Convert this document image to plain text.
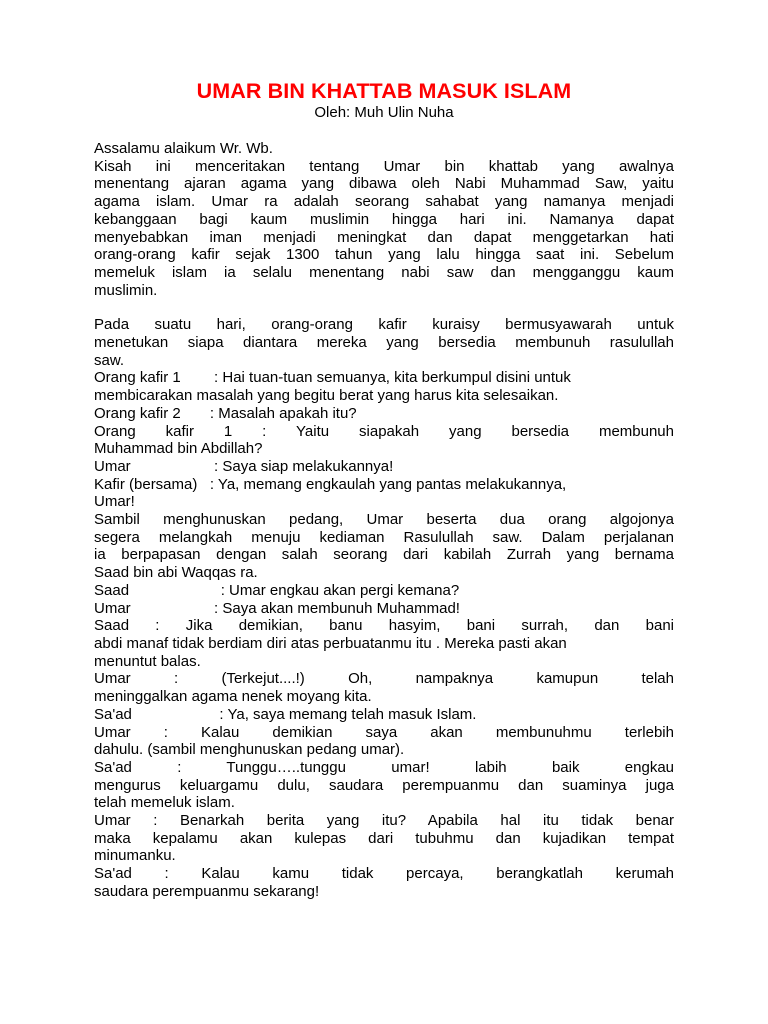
UMAR BIN KHATTAB MASUK ISLAM
Oleh: Muh Ulin Nuha
Assalamu alaikum Wr. Wb.
Kisah ini menceritakan tentang Umar bin khattab yang awalnya
menentang ajaran agama yang dibawa oleh Nabi Muhammad Saw, yaitu
agama islam. Umar ra adalah seorang sahabat yang namanya menjadi
kebanggaan bagi kaum muslimin hingga hari ini. Namanya dapat
menyebabkan iman menjadi meningkat dan dapat menggetarkan hati
orang-orang kafir sejak 1300 tahun yang lalu hingga saat ini. Sebelum
memeluk islam ia selalu menentang nabi saw dan mengganggu kaum
muslimin.
Pada suatu hari, orang-orang kafir kuraisy bermusyawarah untuk
menetukan siapa diantara mereka yang bersedia membunuh rasulullah
saw.
Orang kafir 1        : Hai tuan-tuan semuanya, kita berkumpul disini untuk
membicarakan masalah yang begitu berat yang harus kita selesaikan.
Orang kafir 2       : Masalah apakah itu?
Orang kafir 1 : Yaitu siapakah yang bersedia membunuh
Muhammad bin Abdillah?
Umar                    : Saya siap melakukannya!
Kafir (bersama)   : Ya, memang engkaulah yang pantas melakukannya,
Umar!
Sambil menghunuskan pedang, Umar beserta dua orang algojonya
segera melangkah menuju kediaman Rasulullah saw. Dalam perjalanan
ia berpapasan dengan salah seorang dari kabilah Zurrah yang bernama
Saad bin abi Waqqas ra.
Saad                      : Umar engkau akan pergi kemana?
Umar                    : Saya akan membunuh Muhammad!
Saad : Jika demikian, banu hasyim, bani surrah, dan bani
abdi manaf tidak berdiam diri atas perbuatanmu itu . Mereka pasti akan
menuntut balas.
Umar : (Terkejut....!) Oh, nampaknya kamupun telah
meninggalkan agama nenek moyang kita.
Sa'ad                     : Ya, saya memang telah masuk Islam.
Umar : Kalau demikian saya akan membunuhmu terlebih
dahulu. (sambil menghunuskan pedang umar).
Sa'ad : Tunggu…..tunggu umar! labih baik engkau
mengurus keluargamu dulu, saudara perempuanmu dan suaminya juga
telah memeluk islam.
Umar : Benarkah berita yang itu? Apabila hal itu tidak benar
maka kepalamu akan kulepas dari tubuhmu dan kujadikan tempat
minumanku.
Sa'ad : Kalau kamu tidak percaya, berangkatlah kerumah
saudara perempuanmu sekarang!
